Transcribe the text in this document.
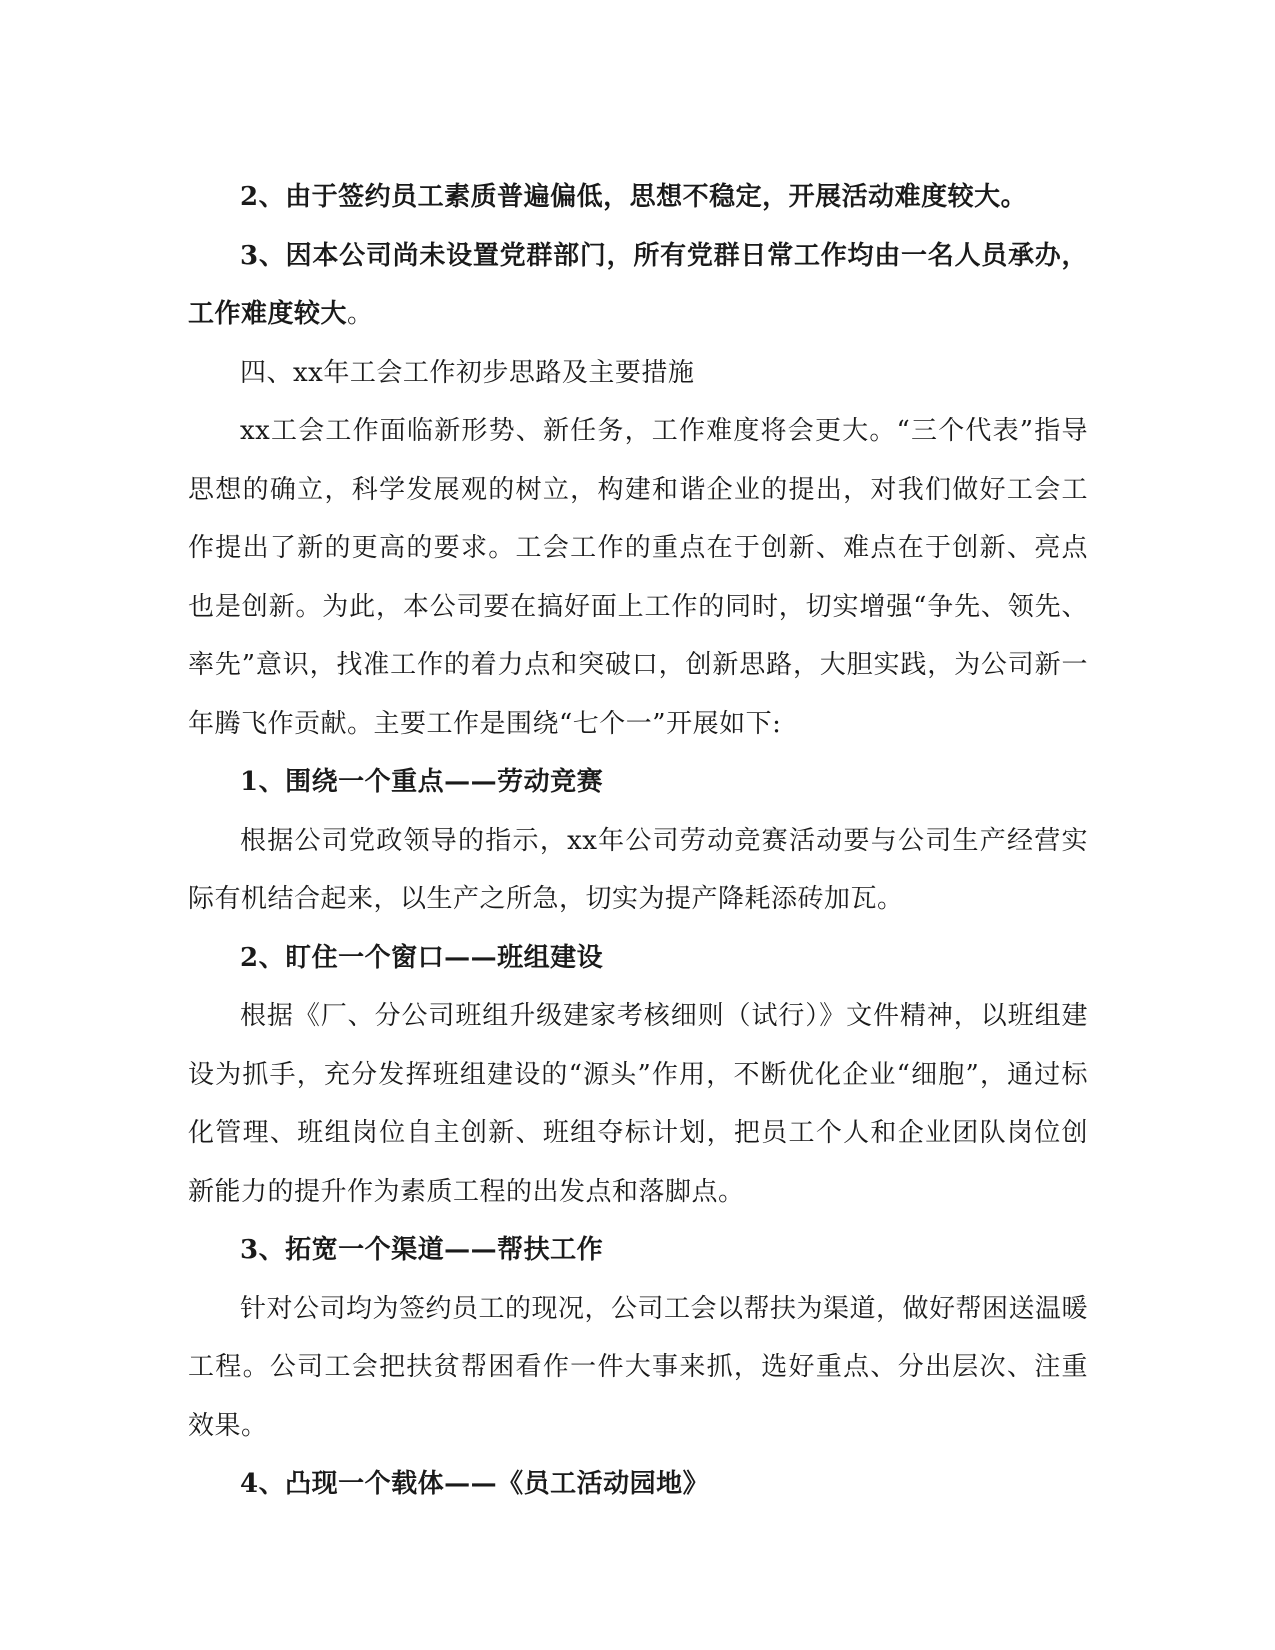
2、由于签约员工素质普遍偏低，思想不稳定，开展活动难度较大。

3、因本公司尚未设置党群部门，所有党群日常工作均由一名人员承办，工作难度较大。

四、xx年工会工作初步思路及主要措施

xx工会工作面临新形势、新任务，工作难度将会更大。“三个代表”指导思想的确立，科学发展观的树立，构建和谐企业的提出，对我们做好工会工作提出了新的更高的要求。工会工作的重点在于创新、难点在于创新、亮点也是创新。为此，本公司要在搞好面上工作的同时，切实增强“争先、领先、率先”意识，找准工作的着力点和突破口，创新思路，大胆实践，为公司新一年腾飞作贡献。主要工作是围绕“七个一”开展如下:

1、围绕一个重点——劳动竞赛

根据公司党政领导的指示，xx年公司劳动竞赛活动要与公司生产经营实际有机结合起来，以生产之所急，切实为提产降耗添砖加瓦。

2、盯住一个窗口——班组建设

根据《厂、分公司班组升级建家考核细则（试行）》文件精神，以班组建设为抓手，充分发挥班组建设的“源头”作用，不断优化企业“细胞”，通过标化管理、班组岗位自主创新、班组夺标计划，把员工个人和企业团队岗位创新能力的提升作为素质工程的出发点和落脚点。

3、拓宽一个渠道——帮扶工作

针对公司均为签约员工的现况，公司工会以帮扶为渠道，做好帮困送温暖工程。公司工会把扶贫帮困看作一件大事来抓，选好重点、分出层次、注重效果。

4、凸现一个载体——《员工活动园地》
